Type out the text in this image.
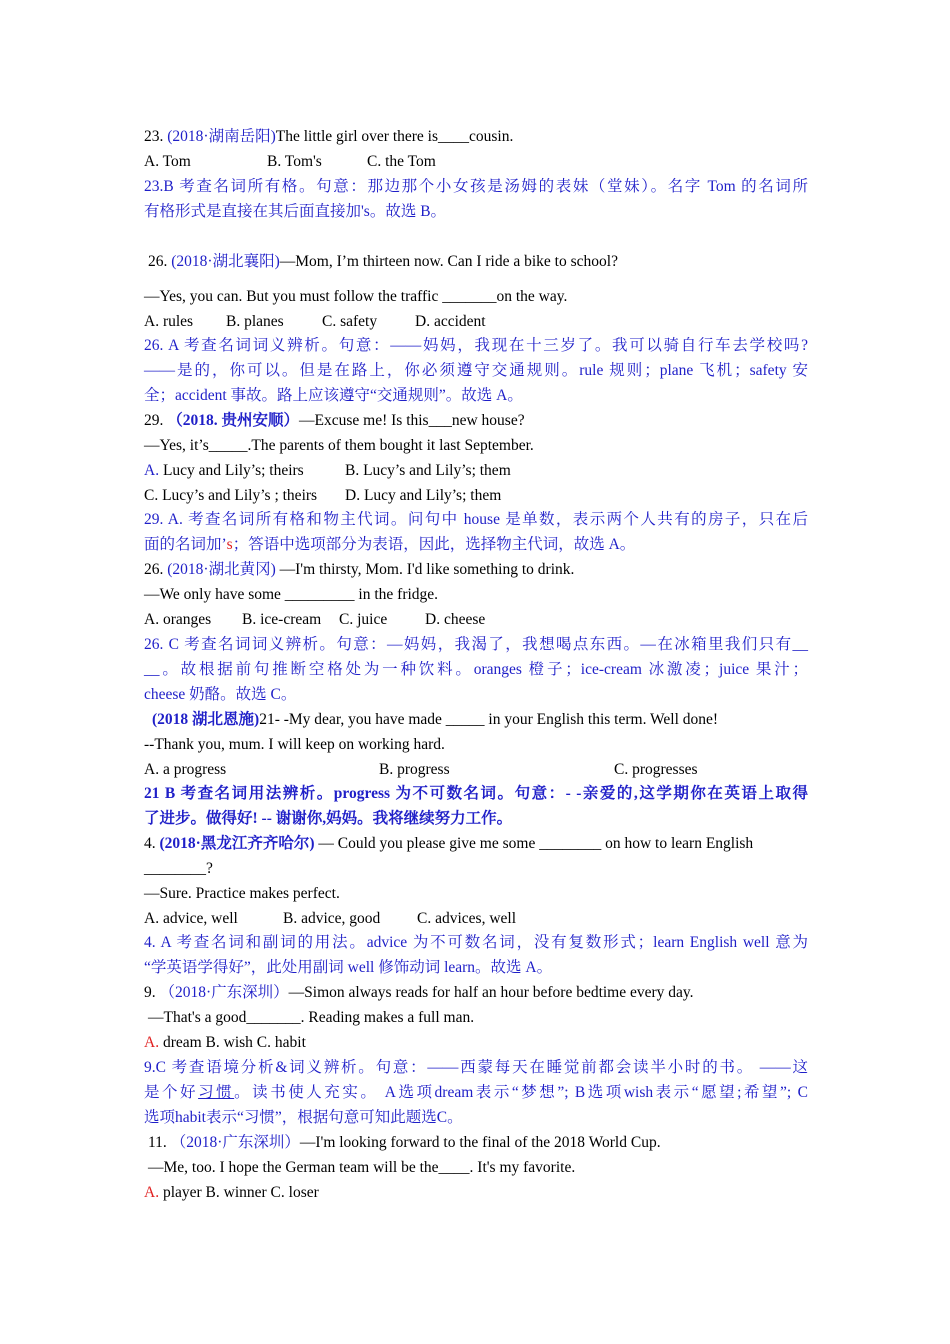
23. (2018·湖南岳阳)The little girl over there is____cousin.
A. Tom	B. Tom's	C. the Tom
23.B 考查名词所有格。句意：那边那个小女孩是汤姆的表妹（堂妹）。名字 Tom 的名词所
有格形式是直接在其后面直接加's。故选 B。
26. (2018·湖北襄阳)—Mom, I’m thirteen now. Can I ride a bike to school?
—Yes, you can. But you must follow the traffic _______on the way.
A. rules B. planes C. safety D. accident
26. A 考查名词词义辨析。句意：——妈妈，我现在十三岁了。我可以骑自行车去学校吗?
——是的，你可以。但是在路上，你必须遵守交通规则。rule 规则；plane 飞机；safety 安
全；accident 事故。路上应该遵守“交通规则”。故选 A。
29. （2018. 贵州安顺）—Excuse me! Is this___new house?
—Yes, it’s_____.The parents of them bought it last September.
A. Lucy and Lily’s; theirs	B. Lucy’s and Lily’s; them
C. Lucy’s and Lily’s ; theirs D. Lucy and Lily’s; them
29. A. 考查名词所有格和物主代词。问句中 house 是单数，表示两个人共有的房子，只在后
面的名词加’s；答语中选项部分为表语，因此，选择物主代词，故选 A。
26. (2018·湖北黄冈) —I'm thirsty, Mom. I'd like something to drink.
—We only have some _________ in the fridge.
A. oranges B. ice-cream C. juice D. cheese
26. C 考查名词词义辨析。句意：—妈妈，我渴了，我想喝点东西。—在冰箱里我们只有__
__。故根据前句推断空格处为一种饮料。oranges 橙子；ice-cream 冰激凌；juice 果汁；
cheese 奶酪。故选 C。
(2018 湖北恩施)21- -My dear, you have made _____ in your English this term. Well done!
--Thank you, mum. I will keep on working hard.
A. a progress	B. progress	C. progresses
21 B 考查名词用法辨析。progress 为不可数名词。句意：- -亲爱的,这学期你在英语上取得
了进步。做得好! -- 谢谢你,妈妈。我将继续努力工作。
4. (2018·黑龙江齐齐哈尔) — Could you please give me some ________ on how to learn English
________?
—Sure. Practice makes perfect.
A. advice, well	B. advice, good C. advices, well
4. A 考查名词和副词的用法。advice 为不可数名词，没有复数形式；learn English well 意为
“学英语学得好”，此处用副词 well 修饰动词 learn。故选 A。
9. （2018·广东深圳）—Simon always reads for half an hour before bedtime every day.
—That's a good_______. Reading makes a full man.
A. dream B. wish C. habit
9.C 考查语境分析&词义辨析。句意：——西蒙每天在睡觉前都会读半小时的书。 ——这
是个好习惯。读书使人充实。 A选项dream表示“梦想”; B选项wish表示“愿望;希望”; C
选项habit表示“习惯”，根据句意可知此题选C。
11. （2018·广东深圳）—I'm looking forward to the final of the 2018 World Cup.
—Me, too. I hope the German team will be the____. It's my favorite.
A. player B. winner C. loser
